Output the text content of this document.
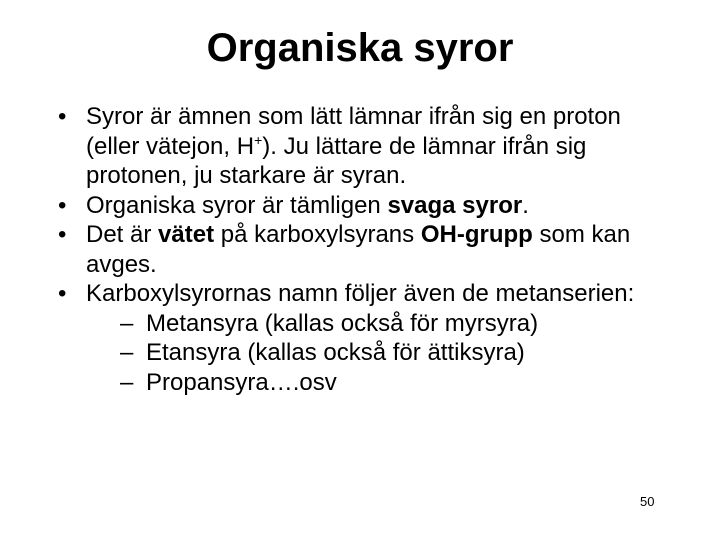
Organiska syror
• Syror är ämnen som lätt lämnar ifrån sig en proton (eller vätejon, H+). Ju lättare de lämnar ifrån sig protonen, ju starkare är syran.
• Organiska syror är tämligen svaga syror.
• Det är vätet på karboxylsyrans OH-grupp som kan avges.
• Karboxylsyrornas namn följer även de metanserien:
– Metansyra (kallas också för myrsyra)
– Etansyra (kallas också för ättiksyra)
– Propansyra….osv
50
